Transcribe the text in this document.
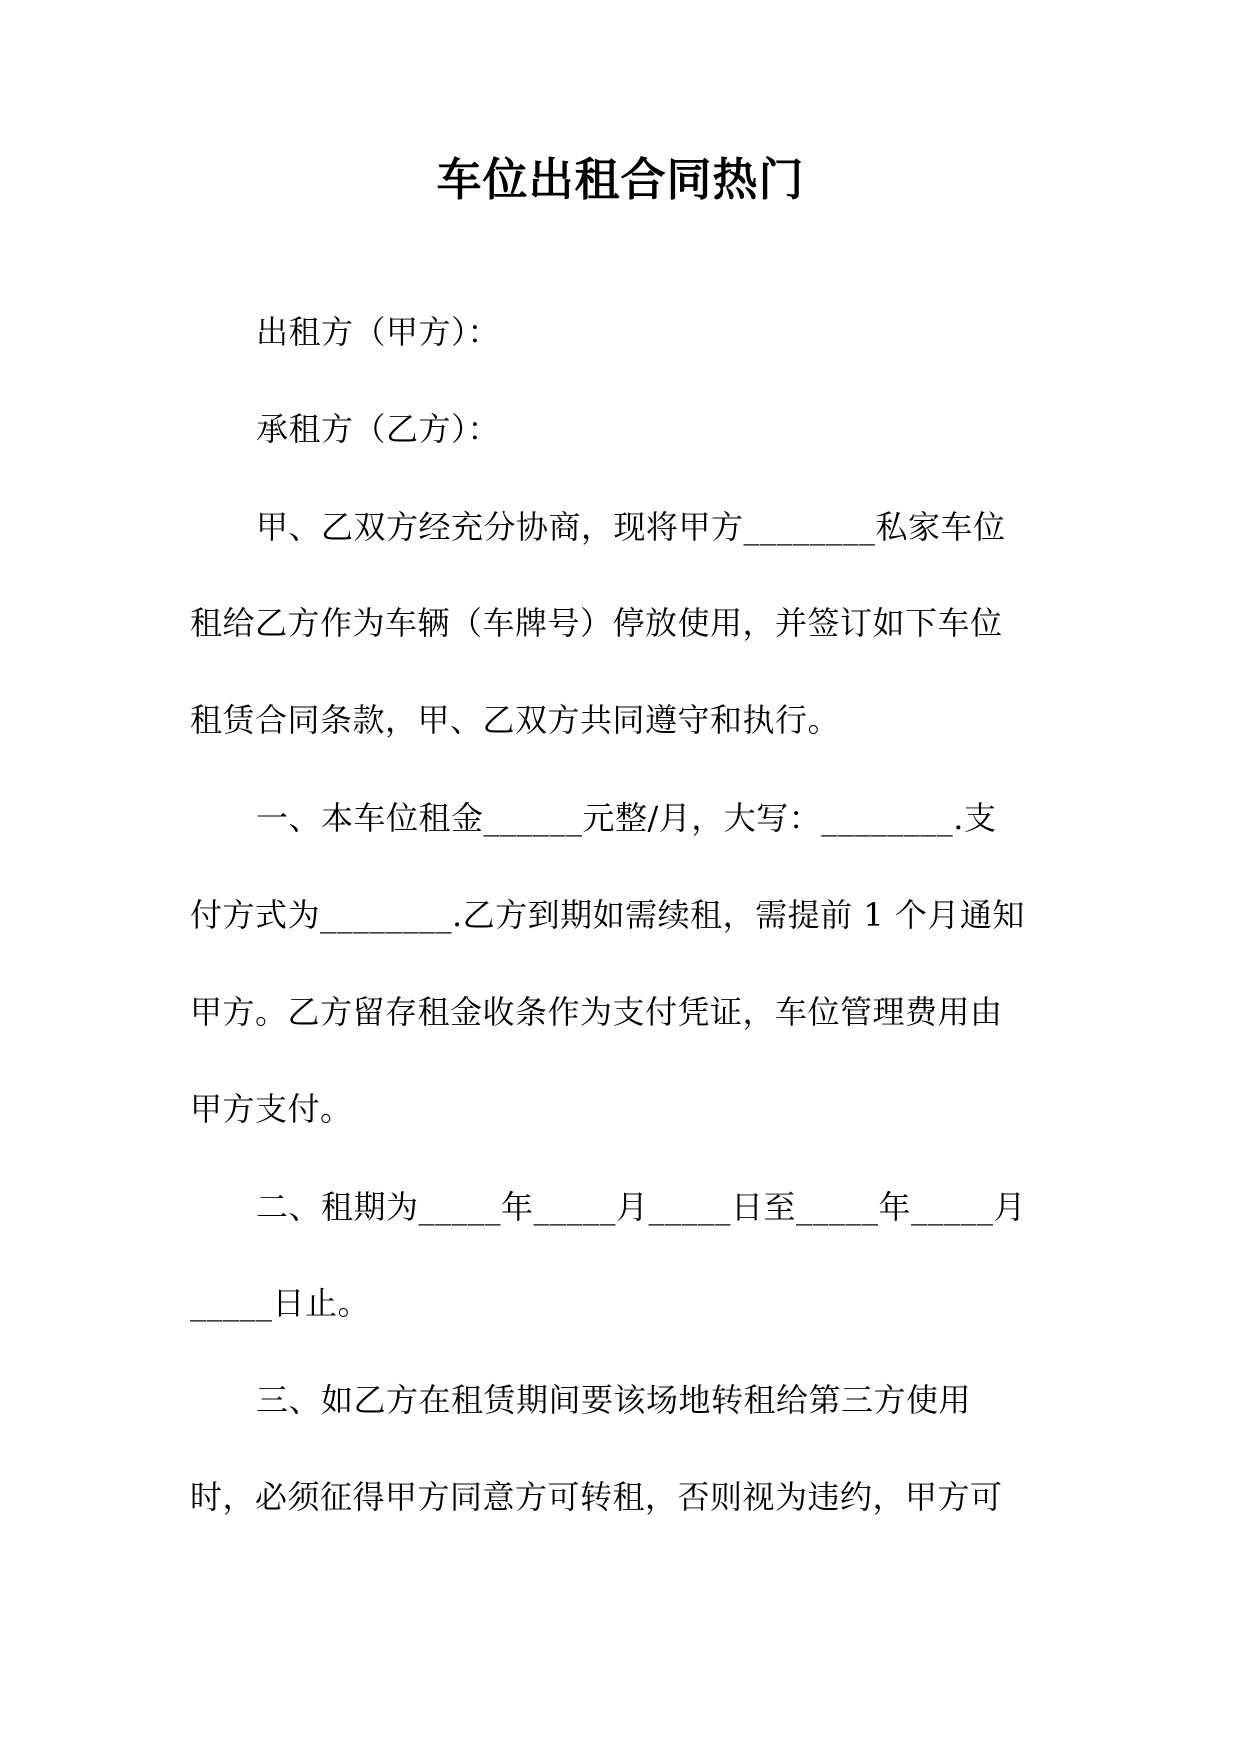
车位出租合同热门
出租方（甲方）：
承租方（乙方）：
甲、乙双方经充分协商，现将甲方________私家车位
租给乙方作为车辆（车牌号）停放使用，并签订如下车位
租赁合同条款，甲、乙双方共同遵守和执行。
一、本车位租金______元整/月，大写：________.支
付方式为________.乙方到期如需续租，需提前 1 个月通知
甲方。乙方留存租金收条作为支付凭证，车位管理费用由
甲方支付。
二、租期为_____年_____月_____日至_____年_____月
_____日止。
三、如乙方在租赁期间要该场地转租给第三方使用
时，必须征得甲方同意方可转租，否则视为违约，甲方可
